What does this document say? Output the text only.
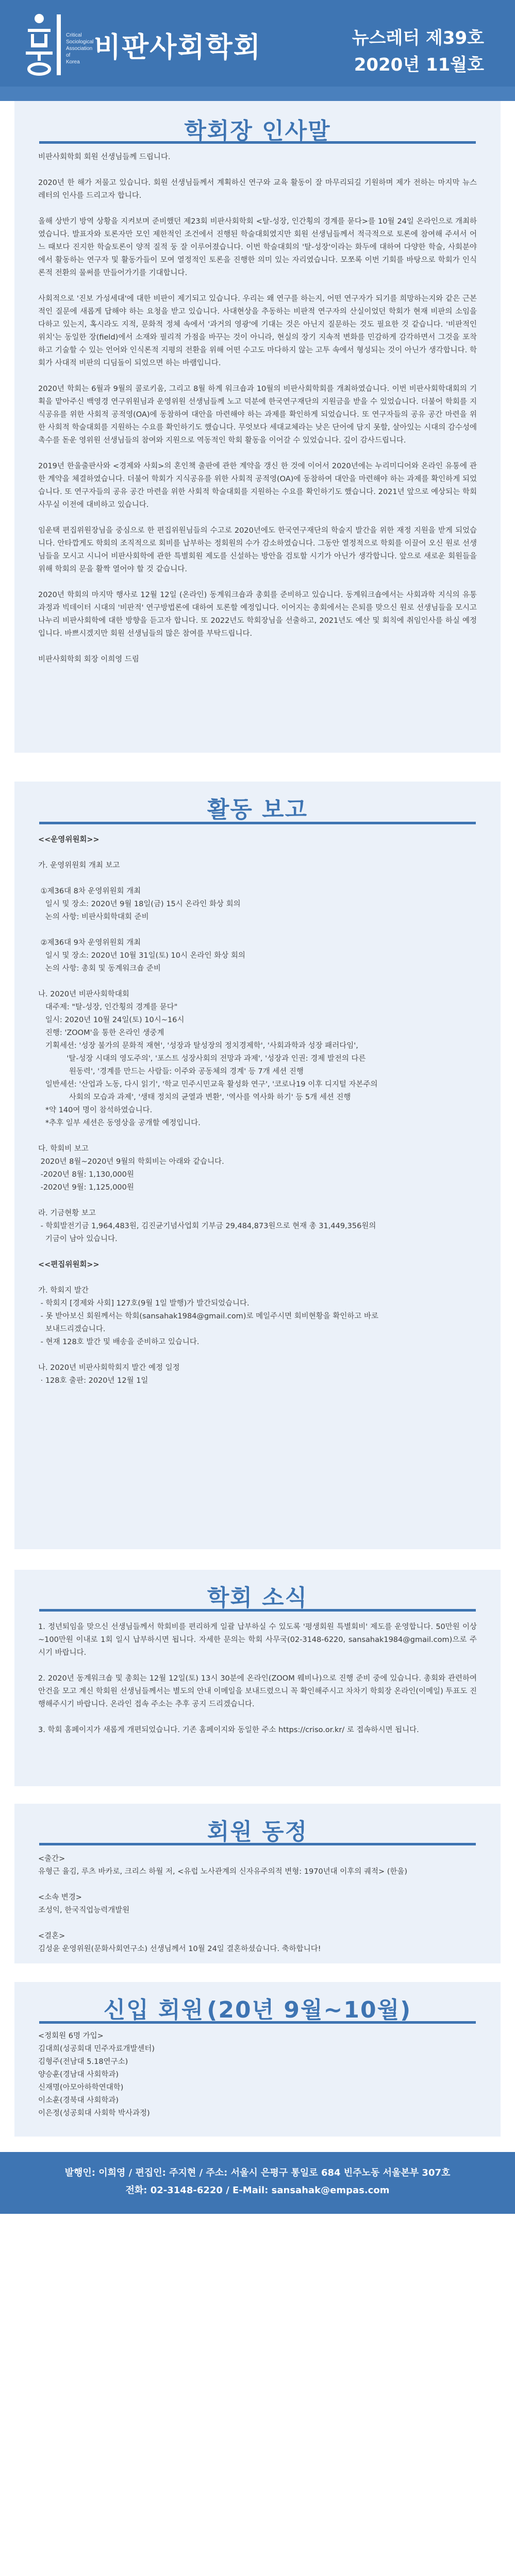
Critical
Sociological
Association of
Korea 비판사회학회	뉴스레터 제39호
2020년 11월호
학회장 인사말

비판사회학회 회원 선생님들께 드립니다.

2020년 한 해가 저물고 있습니다. 회원 선생님들께서 계획하신 연구와 교육 활동이 잘 마무리되길 기원하며 제가 전하는 마지막 뉴스 레터의 인사를 드리고자 합니다.

올해 상반기 방역 상황을 지켜보며 준비했던 제23회 비판사회학회 <탈-성장, 인간횡의 경계를 묻다>를 10월 24일 온라인으로 개최하였습니다. 발표자와 토론자만 모인 제한적인 조건에서 진행된 학술대회였지만 회원 선생님들께서 적극적으로 토론에 참여해 주셔서 어느 때보다 진지한 학술토론이 양적 질적 둥 잘 이루어졌습니다. 이번 학술대회의 '탈-성장'이라는 화두에 대하여 다양한 학술, 사회분야에서 활동하는 연구자 및 활동가들이 모여 열정적인 토론을 진행한 의미 있는 자리였습니다. 모쪼록 이번 기회를 바탕으로 학회가 인식론적 전환의 물써를 만들어가기를 기대합니다.

사회적으로 '진보 가성세대'에 대한 비판이 제기되고 있습니다. 우리는 왜 연구를 하는지, 어떤 연구자가 되기를 희망하는지와 같은 근본적인 질문에 새롭게 답해야 하는 요청을 받고 있습니다. 사대현상을 추동하는 비판적 연구자의 산실이었던 학회가 현재 비판의 소임을 다하고 있는지, 혹시라도 지적, 문화적 정체 속에서 '과거의 영광'에 기대는 것은 아닌지 질문하는 것도 필요한 것 같습니다. '비판적인 위치'는 동일한 장(field)에서 소재와 필리적 가점을 바꾸는 것이 아니라, 현실의 장기 지속적 변화를 민감하게 감각하면서 그것을 포착하고 기술할 수 있는 언어와 인식론적 지평의 전환을 위해 어떤 수고도 마다하지 않는 고투 속에서 형성되는 것이 아닌가 생각합니다. 학회가 사대적 비판의 디딤돌이 되었으면 하는 바램입니다.

2020년 학회는 6월과 9월의 콜로키움, 그리고 8월 하계 워크숍과 10월의 비판사회학회를 개최하였습니다. 이번 비판사회학대회의 기획을 맡아주신 백영경 연구위원님과 운영위원 선생님들께 노고 덕분에 한국연구재단의 지원금을 받을 수 있었습니다. 더불어 학회를 지식공유를 위한 사회적 공적영(OA)에 동참하여 대안을 마련해야 하는 과제를 확인하게 되었습니다. 또 연구자들의 공유 공간 마련을 위한 사회적 학술대회를 지원하는 수요를 확인하기도 했습니다. 무엇보다 세대교체라는 낮은 단어에 담지 못할, 살아있는 시대의 감수성에 촉수를 돋운 영위원 선생님들의 참여와 지원으로 역동적인 학회 활동을 이어갈 수 있었습니다. 깊이 감사드립니다.

2019년 한울출판사와 <경제와 사회>의 혼인책 출판에 관한 계약을 갱신 한 것에 이어서 2020년에는 누리미디어와 온라인 유통에 관한 계약을 체결하였습니다. 더불어 학회가 지식공유를 위한 사회적 공적영(OA)에 동참하여 대안을 마련해야 하는 과제를 확인하게 되었습니다. 또 연구자들의 공유 공간 마련을 위한 사회적 학술대회를 지원하는 수요를 확인하기도 했습니다. 2021년 앞으로 예상되는 학회 사무실 이전에 대비하고 있습니다.

임운택 편집위원장님을 중심으로 한 편집위원님들의 수고로 2020년에도 한국연구재단의 학술지 발간을 위한 재정 지원을 받게 되었습니다. 안타깝게도 학회의 조직적으로 회비를 납부하는 정회원의 수가 감소하였습니다. 그동안 열정적으로 학회를 이끌어 오신 원로 선생님들을 모시고 시니어 비판사회학에 관한 특별회원 제도를 신설하는 방안을 검토할 시기가 아닌가 생각합니다. 앞으로 새로운 회원들을 위해 학회의 문을 활짝 열어야 할 것 같습니다.

2020년 학회의 마지막 행사로 12월 12일 (온라인) 동계워크숍과 총회를 준비하고 있습니다. 동계워크숍에서는 사회과학 지식의 유통과정과 빅데이터 시대의 '비판적' 연구방법론에 대하여 토론할 예정입니다. 이어지는 총회에서는 은퇴를 맞으신 원로 선생님들을 모시고 나누리 비판사회학에 대한 방향을 듣고자 합니다. 또 2022년도 학회장님을 선출하고, 2021년도 예산 및 회칙에 취임인사를 하실 예정입니다. 바쁘시겠지만 회원 선생님들의 많은 참여를 부탁드립니다.

비판사회학회 회장 이희영 드림

활동 보고
<<운영위원회>>

가. 운영위원회 개최 보고

①제36대 8차 운영위원회 개최
일시 및 장소: 2020년 9월 18일(금) 15시 온라인 화상 회의
논의 사항: 비판사회학대회 준비

②제36대 9차 운영위원회 개최
일시 및 장소: 2020년 10월 31일(토) 10시 온라인 화상 회의
논의 사항: 총회 및 동계워크숍 준비

나. 2020년 비판사회학대회
대주제: "탈-성장, 인간횡의 경계를 묻다"
일시: 2020년 10월 24일(토) 10시~16시
진행: 'ZOOM'을 통한 온라인 생중계
기획세션: '성장 불가의 문화적 재현', '성장과 탈성장의 정치경제학', '사회과학과 성장 패러다임',
'탈-성장 시대의 영도주의', '포스트 성장사회의 전망과 과제', '성장과 인권: 경제 발전의 다른
원동력', '경계를 만드는 사람들: 이주와 공동체의 경계' 등 7개 세션 진행
일반세션: '산업과 노동, 다시 읽기', '학교 민주시민교육 활성화 연구', '코로나19 이후 디지털 자본주의
사회의 모습과 과제', '생태 정치의 균열과 변환', '역사를 역사화 하기' 등 5개 세션 진행
*약 140여 명이 참석하였습니다.
*추후 일부 세션은 동영상을 공개할 예정입니다.

다. 학회비 보고
2020년 8월~2020년 9월의 학회비는 아래와 같습니다.
-2020년 8월: 1,130,000원
-2020년 9월: 1,125,000원

라. 기금현황 보고
- 학회발전기금 1,964,483원, 김진균기념사업회 기부금 29,484,873원으로 현재 총 31,449,356원의
기금이 남아 있습니다.

<<편집위원회>>

가. 학회지 발간
- 학회지 [경제와 사회] 127호(9월 1일 발행)가 발간되었습니다.
- 못 받아보신 회원께서는 학회(sansahak1984@gmail.com)로 메일주시면 회비현황을 확인하고 바로
보내드리겠습니다.
- 현재 128호 발간 및 배송을 준비하고 있습니다.

나. 2020년 비판사회학회지 발간 예정 일정
· 128호 출판: 2020년 12월 1일
학회 소식

1. 정년퇴임을 맞으신 선생님들께서 학회비를 편리하게 일괄 납부하실 수 있도록 '평생회원 특별회비' 제도를 운영합니다. 50만원 이상~100만원 이내로 1회 일시 납부하시면 됩니다. 자세한 문의는 학회 사무국(02-3148-6220, sansahak1984@gmail.com)으로 주시기 바랍니다.

2. 2020년 동계워크숍 및 총회는 12월 12일(토) 13시 30분에 온라인(ZOOM 웨비나)으로 진행 준비 중에 있습니다. 총회와 관련하여 안건을 모고 계신 학회원 선생님들께서는 별도의 안내 이메일을 보내드렸으니 꼭 확인해주시고 차차기 학회장 온라인(이메일) 투표도 진행해주시기 바랍니다. 온라인 접속 주소는 추후 공지 드리겠습니다.

3. 학회 홈페이지가 새롭게 개편되었습니다. 기존 홈페이지와 동일한 주소 https://criso.or.kr/ 로 접속하시면 됩니다.

회원 동정
<출간>
유형근 율김, 루츠 바카로, 크리스 하월 저, <유럽 노사관계의 신자유주의적 변형: 1970년대 이후의 궤적> (한울)

<소속 변경>
조성익, 한국직업능력개발원

<결혼>
김성윤 운영위원(문화사회연구소) 선생님께서 10월 24일 결혼하셨습니다. 축하합니다!
신입 회원 (20년 9월~10월)
<정회원 6명 가입>
김대희(성공회대 민주자료개발센터)
김형주(전남대 5.18연구소)
양승훈(경남대 사회학과)
신재명(아모아하학연대학)
이소훈(경북대 사회학과)
이은정(성공회대 사회학 박사과정)
발행인: 이희영 / 편집인: 주지현 / 주소: 서울시 은평구 통일로 684 빈주노동 서울본부 307호
전화: 02-3148-6220 / E-Mail: sansahak@empas.com
